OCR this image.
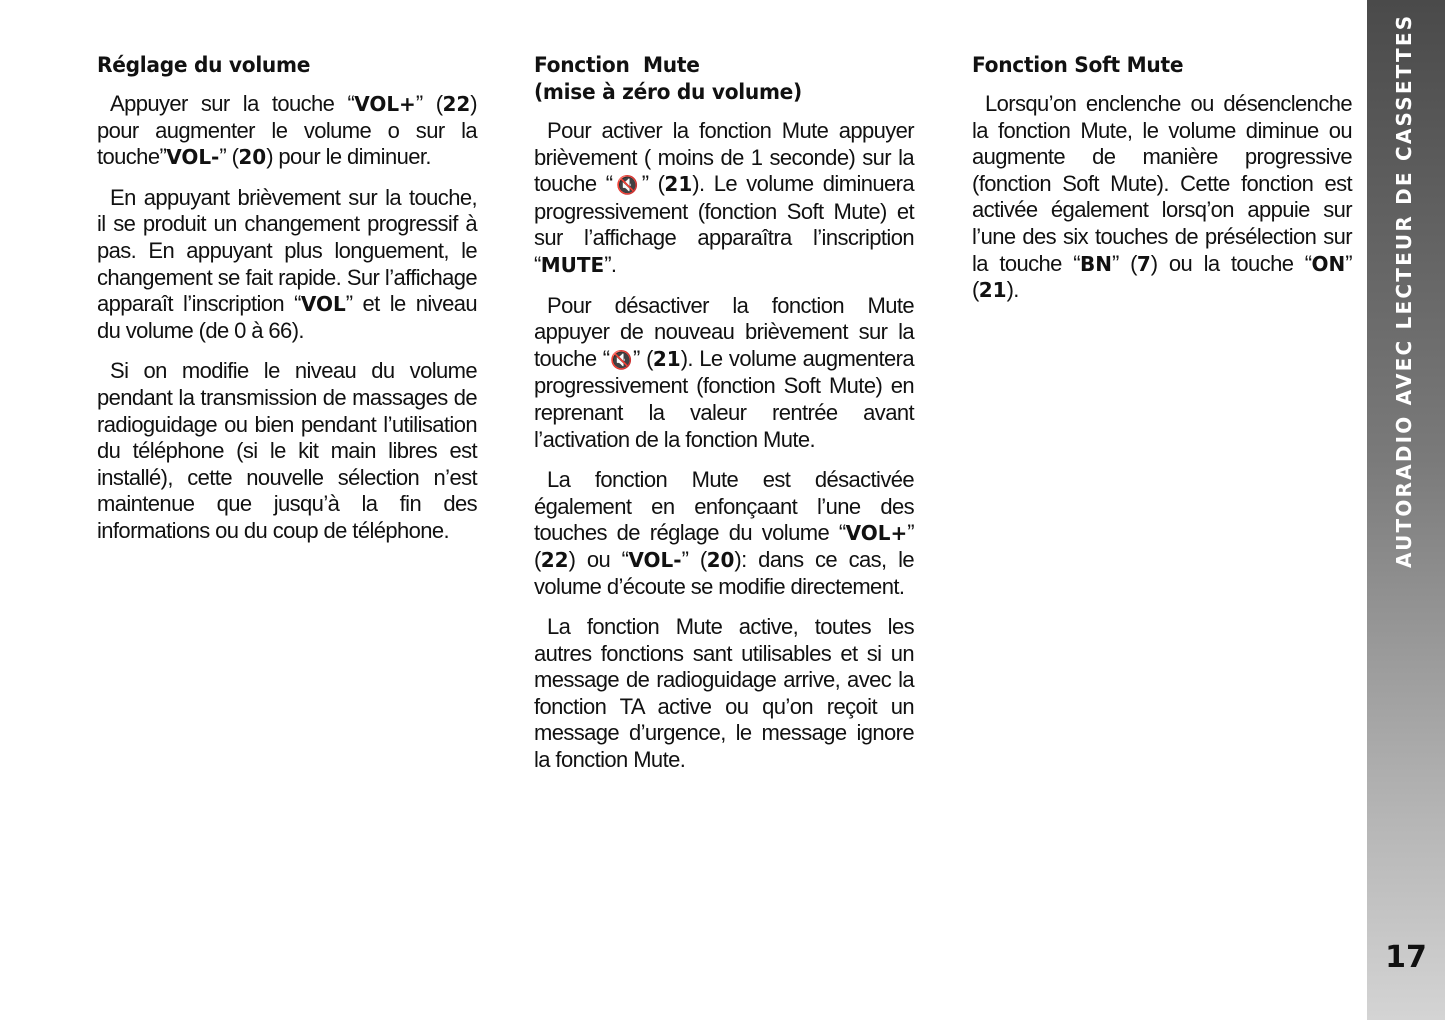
AUTORADIO AVEC LECTEUR DE CASSETTES
17
Réglage du volume

Appuyer sur la touche “VOL+” (22) pour augmenter le volume o sur la touche”VOL-” (20) pour le diminuer.

En appuyant brièvement sur la touche, il se produit un changement progressif à pas. En appuyant plus longuement, le changement se fait rapide. Sur l’affichage apparaît l’inscription “VOL” et le niveau du volume (de 0 à 66).

Si on modifie le niveau du volume pendant la transmission de massages de radioguidage ou bien pendant l’utilisation du téléphone (si le kit main libres est installé), cette nouvelle sélection n’est maintenue que jusqu’à la fin des informations ou du coup de téléphone.

Fonction  Mute
(mise à zéro du volume)

Pour activer la fonction Mute appuyer brièvement ( moins de 1 seconde) sur la touche “🔇” (21). Le volume diminuera progressivement (fonction Soft Mute) et sur l’affichage apparaîtra l’inscription “MUTE”.

Pour désactiver la fonction Mute appuyer de nouveau brièvement sur la touche “🔇” (21). Le volume augmentera progressivement (fonction Soft Mute) en reprenant la valeur rentrée avant l’activation de la fonction Mute.

La fonction Mute est désactivée également en enfonçaant l’une des touches de réglage du volume “VOL+” (22) ou “VOL-” (20): dans ce cas, le volume d’écoute se modifie directement.

La fonction Mute active, toutes les autres fonctions sant utilisables et si un message de radioguidage arrive, avec la fonction TA active ou qu’on reçoit un message d’urgence, le message ignore la fonction Mute.

Fonction Soft Mute

Lorsqu’on enclenche ou désenclenche la fonction Mute, le volume diminue ou augmente de manière progressive (fonction Soft Mute). Cette fonction est activée également lorsq’on appuie sur l’une des six touches de présélection sur la touche “BN” (7) ou la touche “ON” (21).
